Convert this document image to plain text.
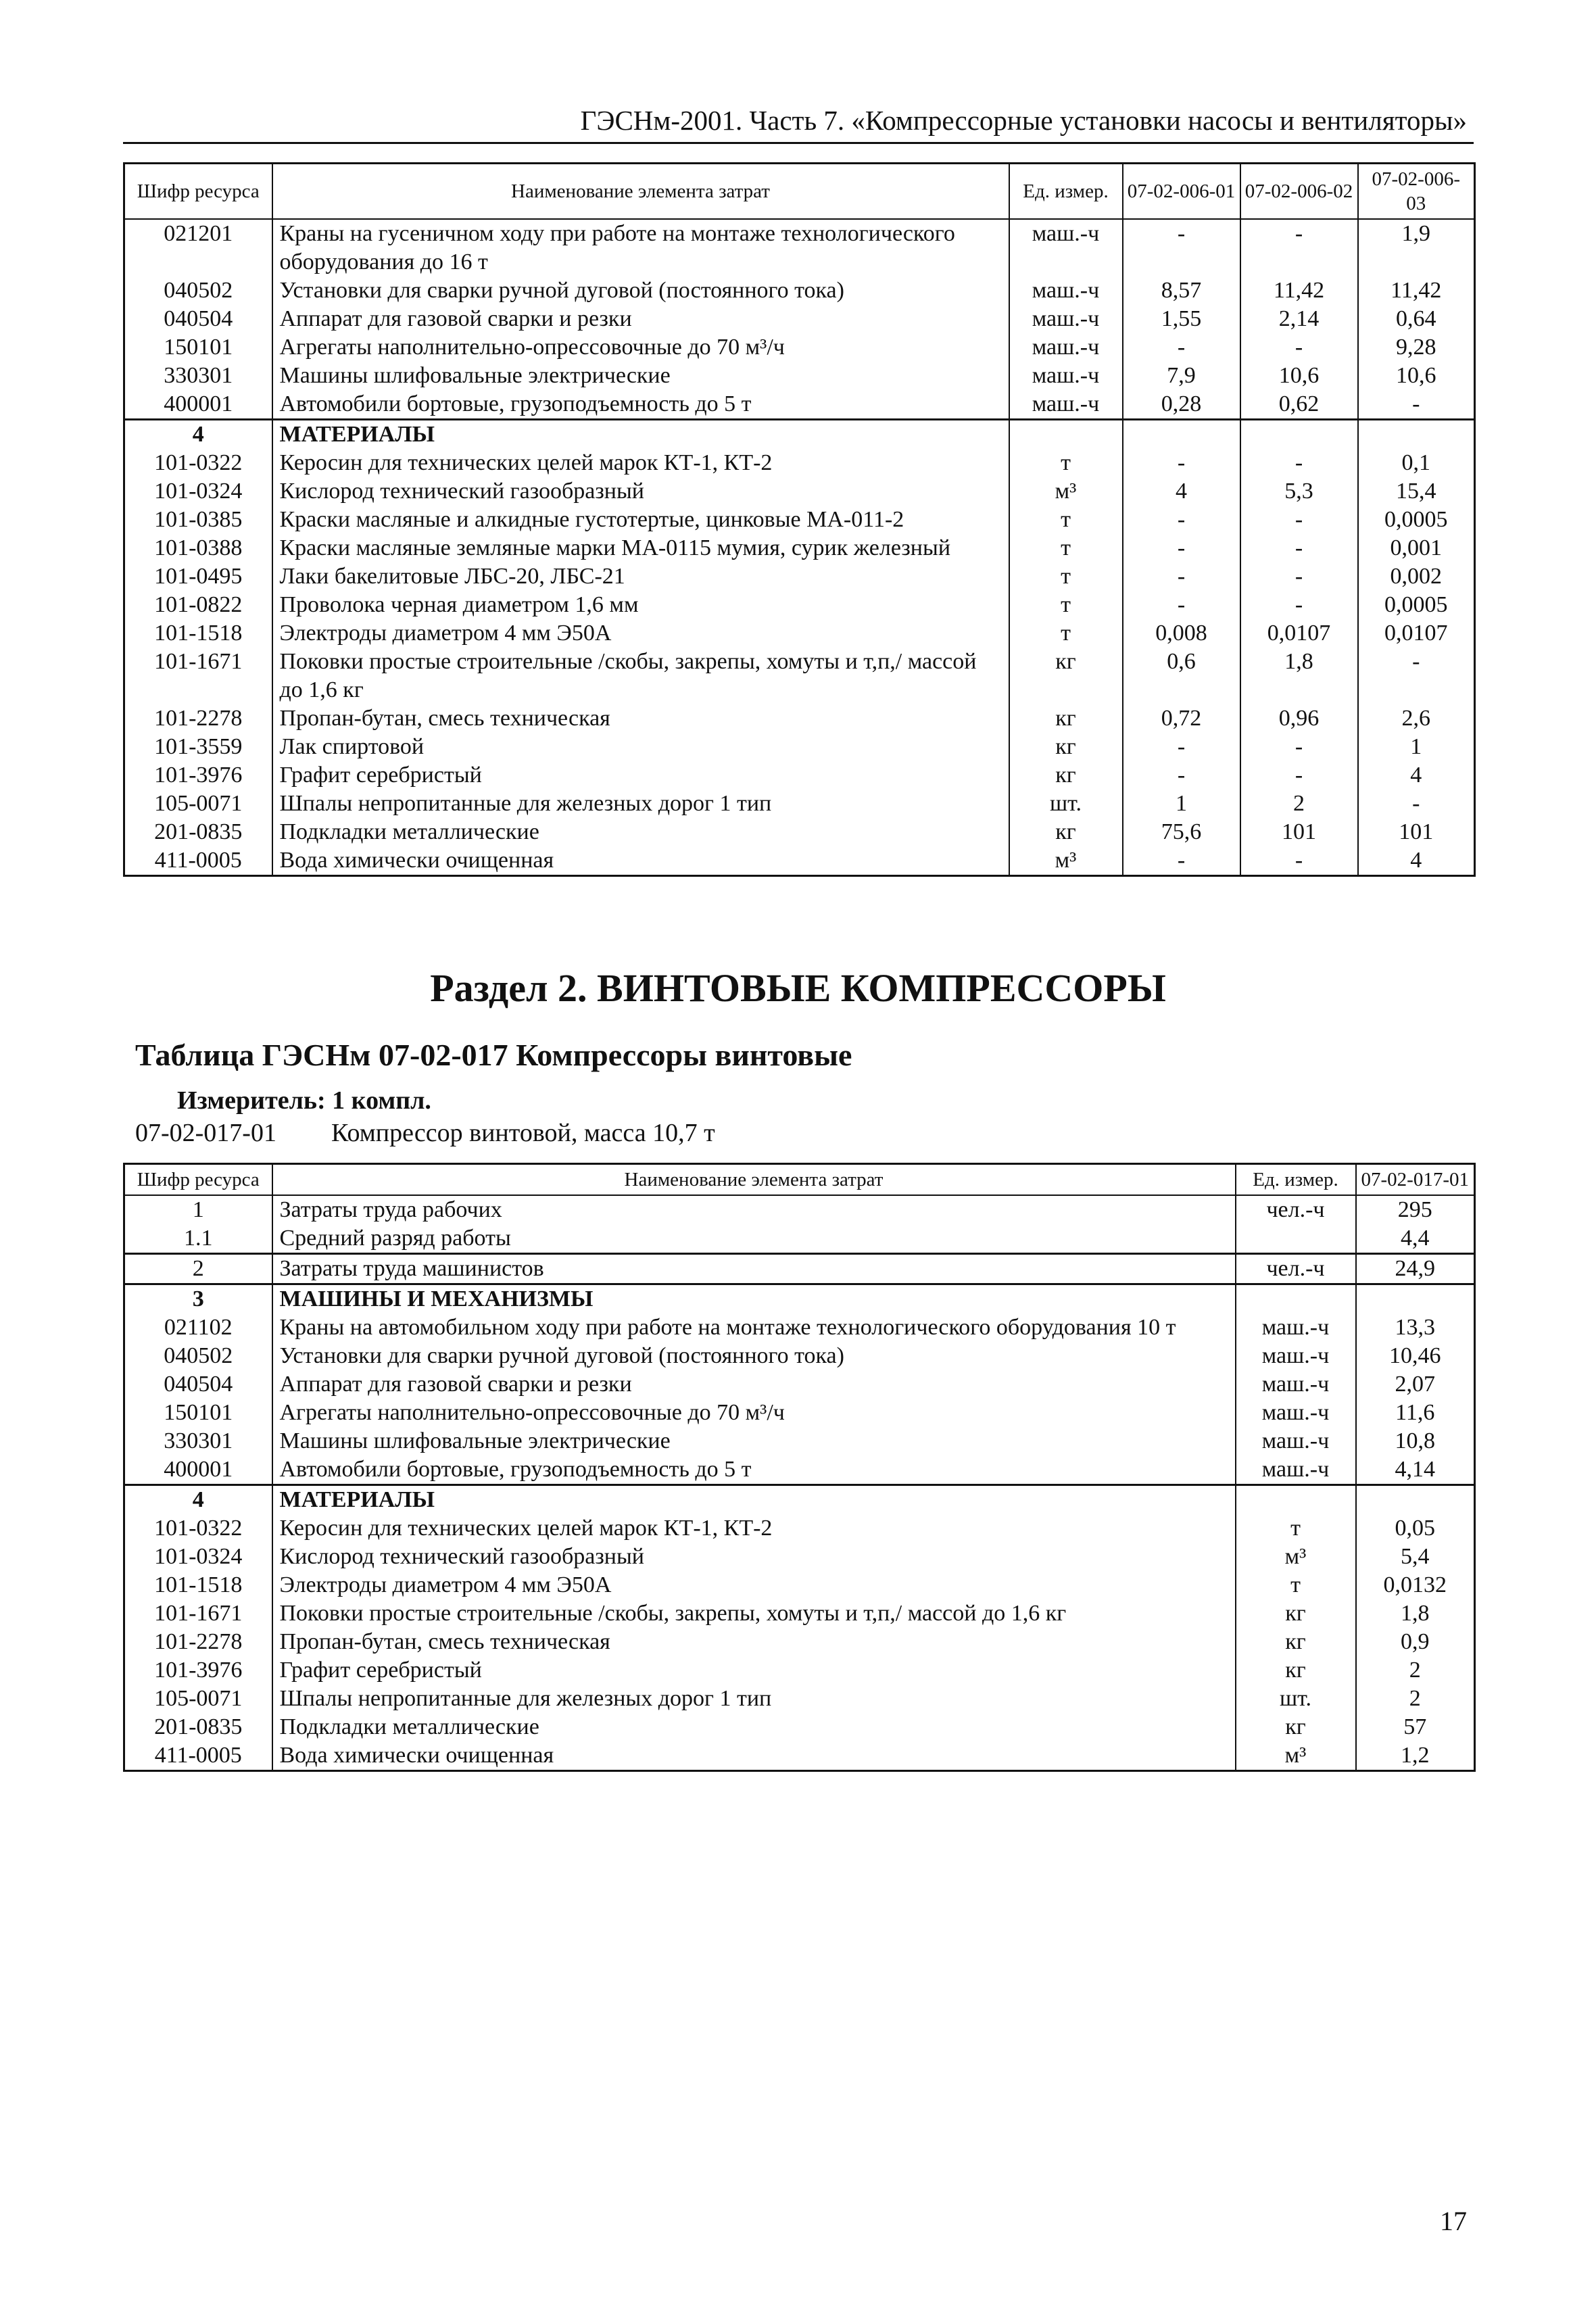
ГЭСНм-2001. Часть 7. «Компрессорные установки насосы и вентиляторы»
Шифр ресурса	Наименование элемента затрат	Ед. измер.	07-02-006-01	07-02-006-02	07-02-006-03
021201	Краны на гусеничном ходу при работе на монтаже технологического оборудования до 16 т	маш.-ч	-	-	1,9
040502	Установки для сварки ручной дуговой (постоянного тока)	маш.-ч	8,57	11,42	11,42
040504	Аппарат для газовой сварки и резки	маш.-ч	1,55	2,14	0,64
150101	Агрегаты наполнительно-опрессовочные до 70 м³/ч	маш.-ч	-	-	9,28
330301	Машины шлифовальные электрические	маш.-ч	7,9	10,6	10,6
400001	Автомобили бортовые, грузоподъемность до 5 т	маш.-ч	0,28	0,62	-
4	МАТЕРИАЛЫ				
101-0322	Керосин для технических целей марок КТ-1, КТ-2	т	-	-	0,1
101-0324	Кислород технический газообразный	м³	4	5,3	15,4
101-0385	Краски масляные и алкидные густотертые, цинковые МА-011-2	т	-	-	0,0005
101-0388	Краски масляные земляные марки МА-0115 мумия, сурик железный	т	-	-	0,001
101-0495	Лаки бакелитовые ЛБС-20, ЛБС-21	т	-	-	0,002
101-0822	Проволока черная диаметром 1,6 мм	т	-	-	0,0005
101-1518	Электроды диаметром 4 мм Э50А	т	0,008	0,0107	0,0107
101-1671	Поковки простые строительные /скобы, закрепы, хомуты и т,п,/ массой до 1,6 кг	кг	0,6	1,8	-
101-2278	Пропан-бутан, смесь техническая	кг	0,72	0,96	2,6
101-3559	Лак спиртовой	кг	-	-	1
101-3976	Графит серебристый	кг	-	-	4
105-0071	Шпалы непропитанные для железных дорог 1 тип	шт.	1	2	-
201-0835	Подкладки металлические	кг	75,6	101	101
411-0005	Вода химически очищенная	м³	-	-	4
Раздел 2. ВИНТОВЫЕ КОМПРЕССОРЫ
Таблица ГЭСНм 07-02-017 Компрессоры винтовые
Измеритель: 1 компл.
07-02-017-01 Компрессор винтовой, масса 10,7 т
Шифр ресурса	Наименование элемента затрат	Ед. измер.	07-02-017-01
1	Затраты труда рабочих	чел.-ч	295
1.1	Средний разряд работы		4,4
2	Затраты труда машинистов	чел.-ч	24,9
3	МАШИНЫ И МЕХАНИЗМЫ		
021102	Краны на автомобильном ходу при работе на монтаже технологического оборудования 10 т	маш.-ч	13,3
040502	Установки для сварки ручной дуговой (постоянного тока)	маш.-ч	10,46
040504	Аппарат для газовой сварки и резки	маш.-ч	2,07
150101	Агрегаты наполнительно-опрессовочные до 70 м³/ч	маш.-ч	11,6
330301	Машины шлифовальные электрические	маш.-ч	10,8
400001	Автомобили бортовые, грузоподъемность до 5 т	маш.-ч	4,14
4	МАТЕРИАЛЫ		
101-0322	Керосин для технических целей марок КТ-1, КТ-2	т	0,05
101-0324	Кислород технический газообразный	м³	5,4
101-1518	Электроды диаметром 4 мм Э50А	т	0,0132
101-1671	Поковки простые строительные /скобы, закрепы, хомуты и т,п,/ массой до 1,6 кг	кг	1,8
101-2278	Пропан-бутан, смесь техническая	кг	0,9
101-3976	Графит серебристый	кг	2
105-0071	Шпалы непропитанные для железных дорог 1 тип	шт.	2
201-0835	Подкладки металлические	кг	57
411-0005	Вода химически очищенная	м³	1,2
17
